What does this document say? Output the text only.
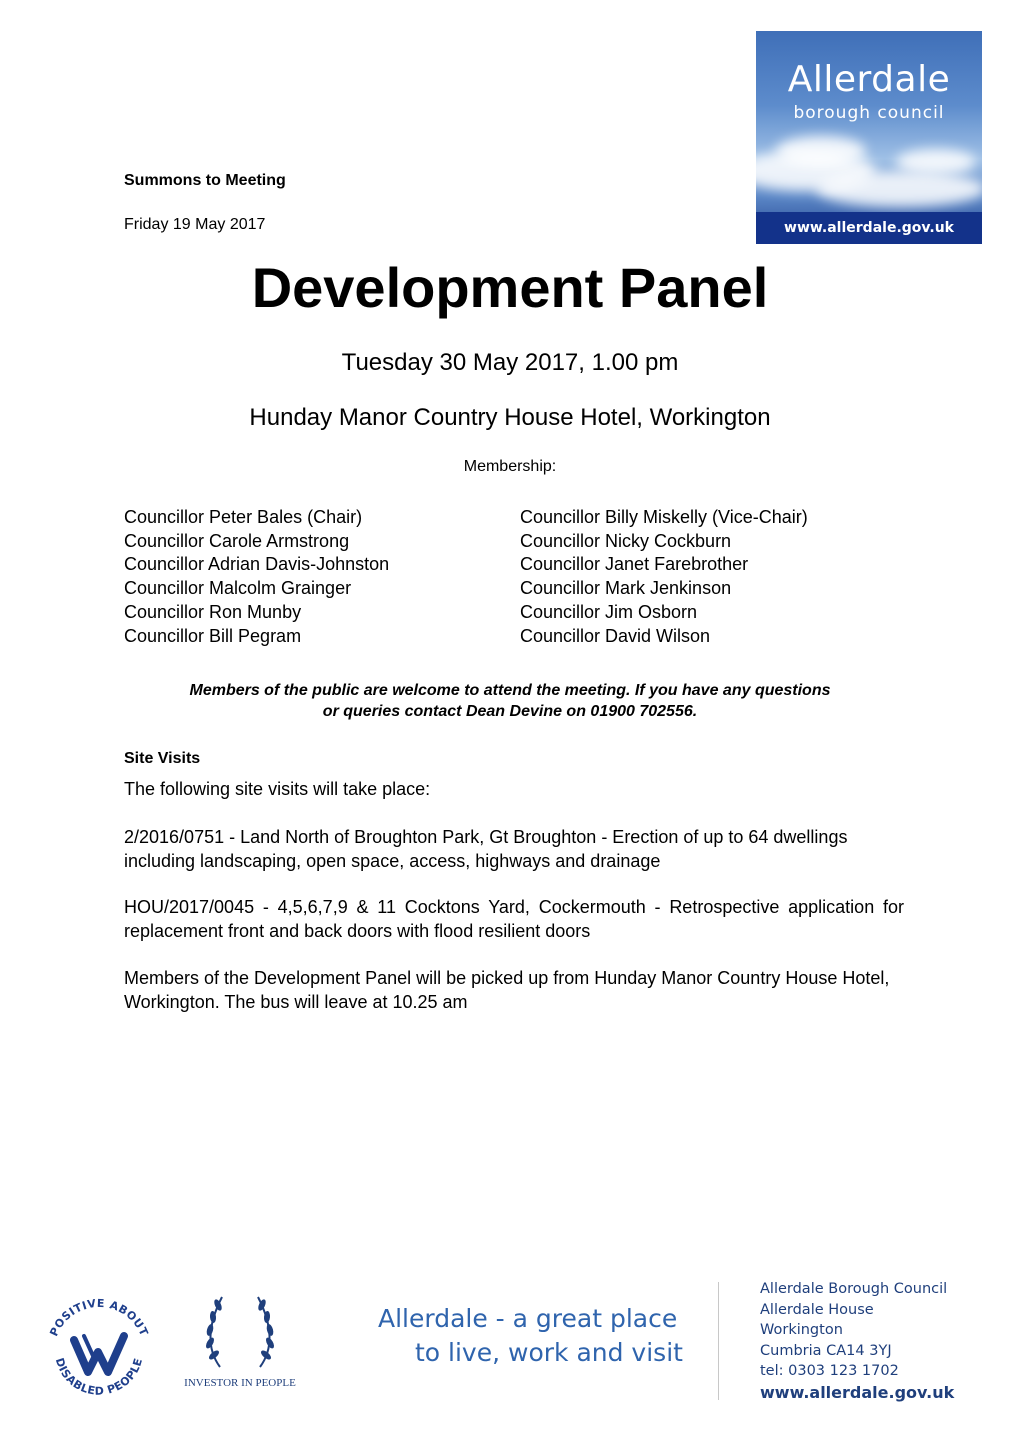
Allerdale
borough council
www.allerdale.gov.uk
Summons to Meeting
Friday 19 May 2017
Development Panel
Tuesday 30 May 2017, 1.00 pm
Hunday Manor Country House Hotel, Workington
Membership:
Councillor Peter Bales (Chair)
Councillor Carole Armstrong
Councillor Adrian Davis-Johnston
Councillor Malcolm Grainger
Councillor Ron Munby
Councillor Bill Pegram
Councillor Billy Miskelly (Vice-Chair)
Councillor Nicky Cockburn
Councillor Janet Farebrother
Councillor Mark Jenkinson
Councillor Jim Osborn
Councillor David Wilson
Members of the public are welcome to attend the meeting. If you have any questions
or queries contact Dean Devine on 01900 702556.
Site Visits
The following site visits will take place:
2/2016/0751 - Land North of Broughton Park, Gt Broughton - Erection of up to 64 dwellings including landscaping, open space, access, highways and drainage
HOU/2017/0045 - 4,5,6,7,9 & 11 Cocktons Yard, Cockermouth - Retrospective application for replacement front and back doors with flood resilient doors
Members of the Development Panel will be picked up from Hunday Manor Country House Hotel, Workington. The bus will leave at 10.25 am
POSITIVE ABOUT
DISABLED PEOPLE
INVESTOR IN PEOPLE
Allerdale - a great place
to live, work and visit
Allerdale Borough Council
Allerdale House
Workington
Cumbria CA14 3YJ
tel: 0303 123 1702
www.allerdale.gov.uk
